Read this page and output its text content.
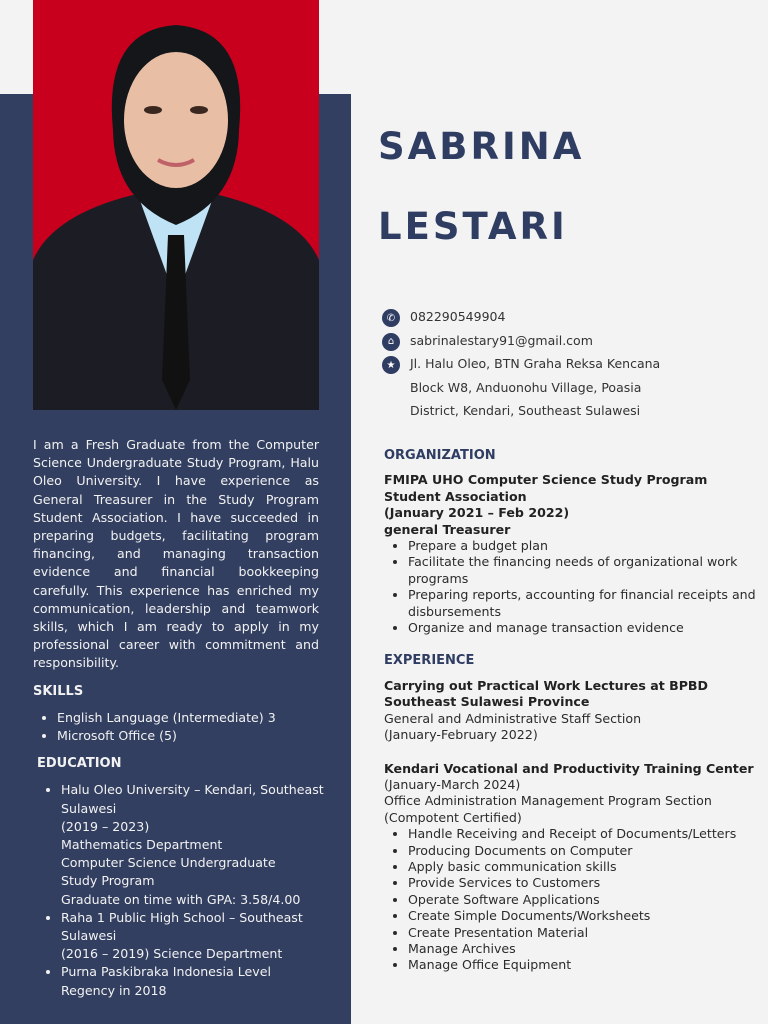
SABRINA
LESTARI
✆	082290549904
⌂	sabrinalestary91@gmail.com
★	Jl. Halu Oleo, BTN Graha Reksa Kencana
Block W8, Anduonohu Village, Poasia
District, Kendari, Southeast Sulawesi
ORGANIZATION
FMIPA UHO Computer Science Study Program Student Association
(January 2021 – Feb 2022)
general Treasurer
• Prepare a budget plan
• Facilitate the financing needs of organizational work programs
• Preparing reports, accounting for financial receipts and disbursements
• Organize and manage transaction evidence
EXPERIENCE
Carrying out Practical Work Lectures at BPBD Southeast Sulawesi Province
General and Administrative Staff Section
(January-February 2022)
Kendari Vocational and Productivity Training Center
(January-March 2024)
Office Administration Management Program Section
(Compotent Certified)
• Handle Receiving and Receipt of Documents/Letters
• Producing Documents on Computer
• Apply basic communication skills
• Provide Services to Customers
• Operate Software Applications
• Create Simple Documents/Worksheets
• Create Presentation Material
• Manage Archives
• Manage Office Equipment

I am a Fresh Graduate from the Computer Science Undergraduate Study Program, Halu Oleo University. I have experience as General Treasurer in the Study Program Student Association. I have succeeded in preparing budgets, facilitating program financing, and managing transaction evidence and financial bookkeeping carefully. This experience has enriched my communication, leadership and teamwork skills, which I am ready to apply in my professional career with commitment and responsibility.

SKILLS
• English Language (Intermediate) 3
• Microsoft Office (5)
EDUCATION
• Halu Oleo University – Kendari, Southeast Sulawesi
(2019 – 2023)
Mathematics Department
Computer Science Undergraduate Study Program
Graduate on time with GPA: 3.58/4.00
• Raha 1 Public High School – Southeast Sulawesi
(2016 – 2019) Science Department
• Purna Paskibraka Indonesia Level Regency in 2018
